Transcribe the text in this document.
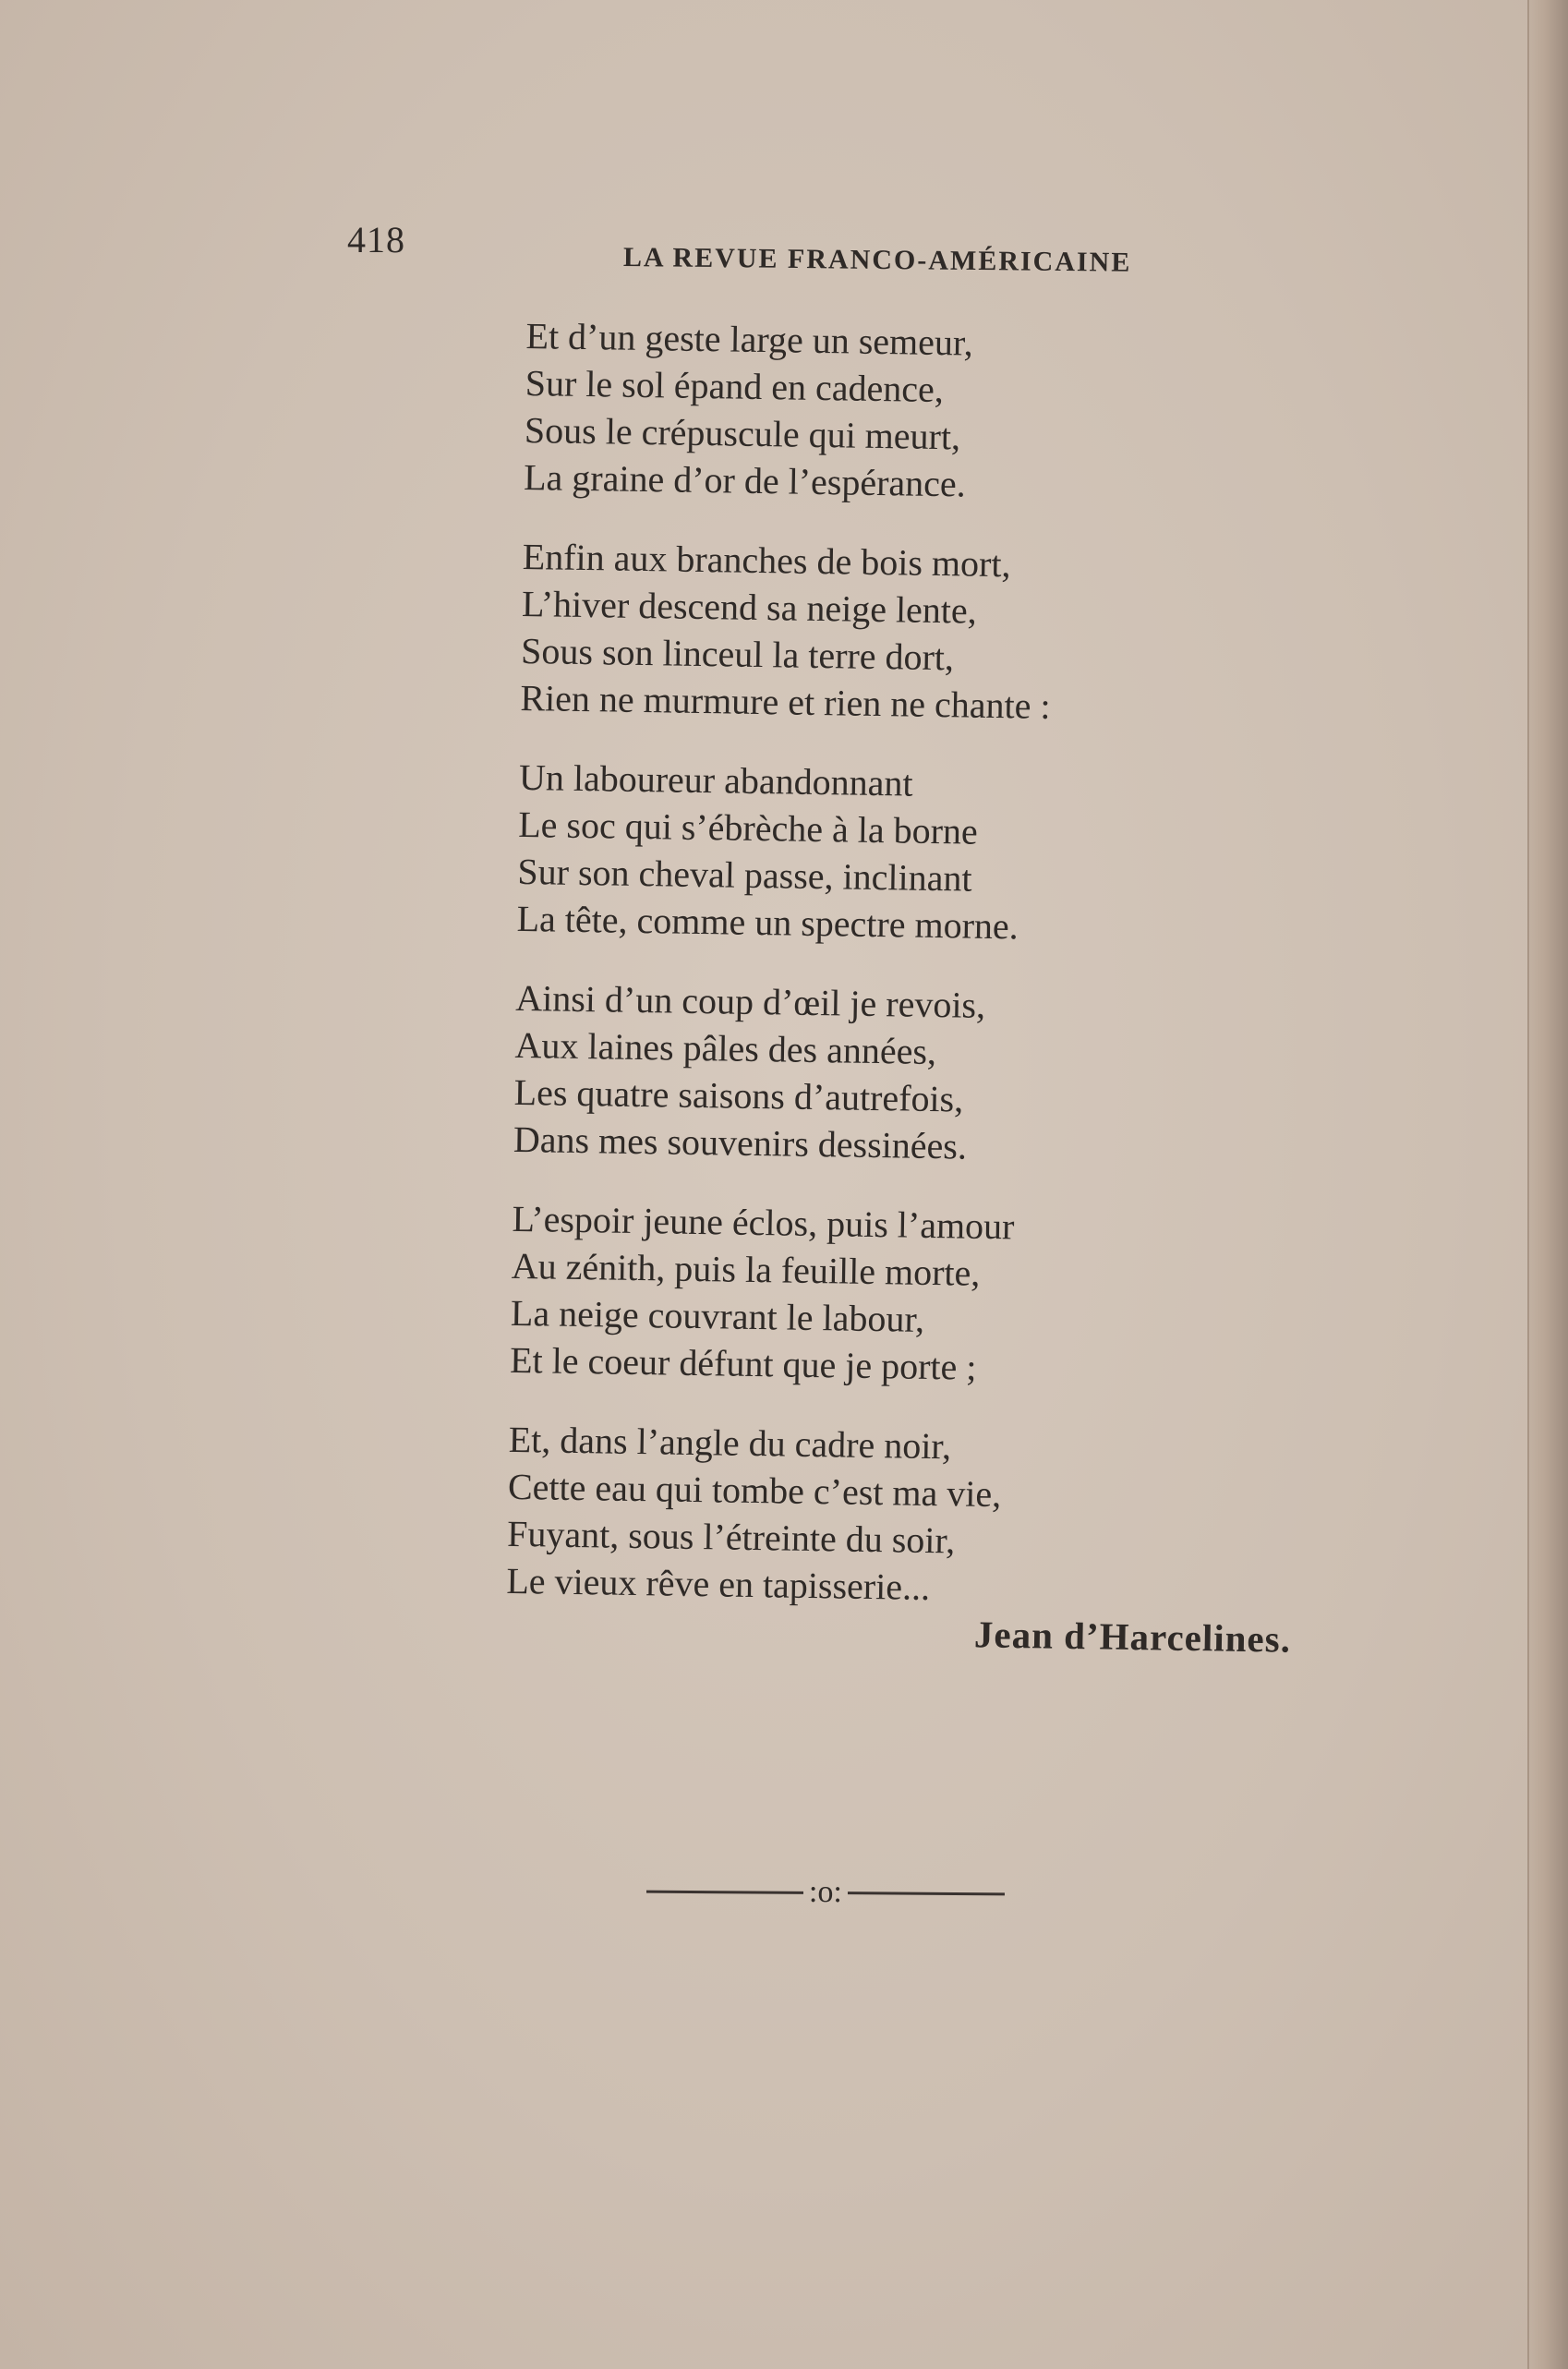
418	LA REVUE FRANCO-AMÉRICAINE
Et d’un geste large un semeur,
Sur le sol épand en cadence,
Sous le crépuscule qui meurt,
La graine d’or de l’espérance.
Enfin aux branches de bois mort,
L’hiver descend sa neige lente,
Sous son linceul la terre dort,
Rien ne murmure et rien ne chante :
Un laboureur abandonnant
Le soc qui s’ébrèche à la borne
Sur son cheval passe, inclinant
La tête, comme un spectre morne.
Ainsi d’un coup d’œil je revois,
Aux laines pâles des années,
Les quatre saisons d’autrefois,
Dans mes souvenirs dessinées.
L’espoir jeune éclos, puis l’amour
Au zénith, puis la feuille morte,
La neige couvrant le labour,
Et le coeur défunt que je porte ;
Et, dans l’angle du cadre noir,
Cette eau qui tombe c’est ma vie,
Fuyant, sous l’étreinte du soir,
Le vieux rêve en tapisserie...
Jean d’Harcelines.
:o:
